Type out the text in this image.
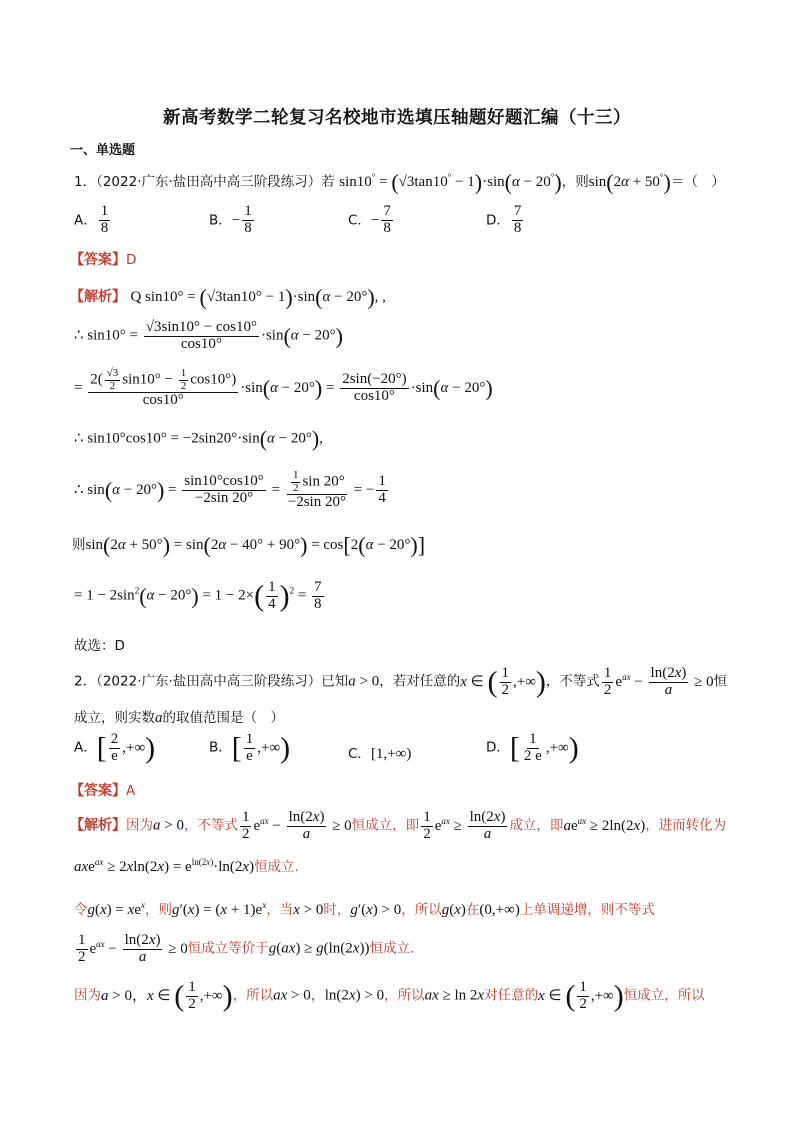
新高考数学二轮复习名校地市选填压轴题好题汇编（十三）
一、单选题
1．（2022·广东·盐田高中高三阶段练习）若 sin10° = (√3tan10° − 1)·sin(α − 20°)，则sin(2α + 50°)＝（　）
A． $\frac{1}{8}$	B．− $\frac{1}{8}$	C．− $\frac{7}{8}$	D． $\frac{7}{8}$
【答案】D
【解析】 Q sin10° = (√3tan10° − 1)·sin(α − 20°), ,
∴ $\sin 10^\circ = \frac{√3\sin 10^\circ - \cos 10^\circ}{\cos 10^\circ} \cdot\sin(\alpha - 20^\circ)$
= $\frac{2( \frac{√3}{2} \sin 10^\circ - \frac{1}{2} \cos 10^\circ)}{\cos 10^\circ} \cdot\sin(\alpha - 20^\circ) = \frac{2\sin(-20^\circ)}{\cos 10^\circ} \cdot\sin(\alpha - 20^\circ)$
∴ sin10°cos10° = −2sin20°·sin(α − 20°),
∴ $\sin(\alpha - 20^\circ) = \frac{\sin 10^\circ\cos 10^\circ}{-2\sin 20^\circ} = \frac{\frac{1}{2} \sin 20^\circ}{-2\sin 20^\circ}$ = − $\frac{1}{4}$
则sin(2α + 50°) = sin(2α − 40° + 90°) = cos[2(α − 20°)]
= $1 - 2\sin^2(\alpha - 20^\circ) = 1 - 2\times( \frac{1}{4} )^2 = \frac{7}{8}$
故选：D
2．（2022·广东·盐田高中高三阶段练习）已知a > 0，若对任意的x ∈ ( $\frac{1}{2}$ ,+∞)，不等式 $\frac{1}{2} e^{ax} - \frac{\ln(2x)}{a} \ge 0$恒
成立，则实数a的取值范围是（　）
A．[ $\frac{2}{e}$ ,+∞)	B．[ $\frac{1}{e}$ ,+∞)	C．[1,+∞)	D．[ $\frac{1}{2 e}$ ,+∞)
【答案】A
【解析】因为a > 0，不等式 $\frac{1}{2} e^{ax} - \frac{\ln(2x)}{a} \ge 0$恒成立，即 $\frac{1}{2} e^{ax} \ge \frac{\ln(2x)}{a}$ 成立，即$ae^{ax} \ge 2\ln(2x)$，进而转化为
$axe^{ax} \ge 2xln(2x) = e^{ln(2x)}\cdot\ln(2x)$恒成立.
令$g(x) = xe^x$，则$g'(x) = (x + 1)e^x$，当x > 0时，g′(x) > 0，所以g(x)在(0,+∞)上单调递增，则不等式
$\frac{1}{2} e^{ax} - \frac{\ln(2x)}{a} \ge 0$恒成立等价于g(ax) ≥ g(ln(2x))恒成立.
因为a > 0，x ∈ ( $\frac{1}{2}$ ,+∞)，所以ax > 0，ln(2x) > 0，所以ax ≥ ln 2x对任意的x ∈ ( $\frac{1}{2}$ ,+∞)恒成立，所以
